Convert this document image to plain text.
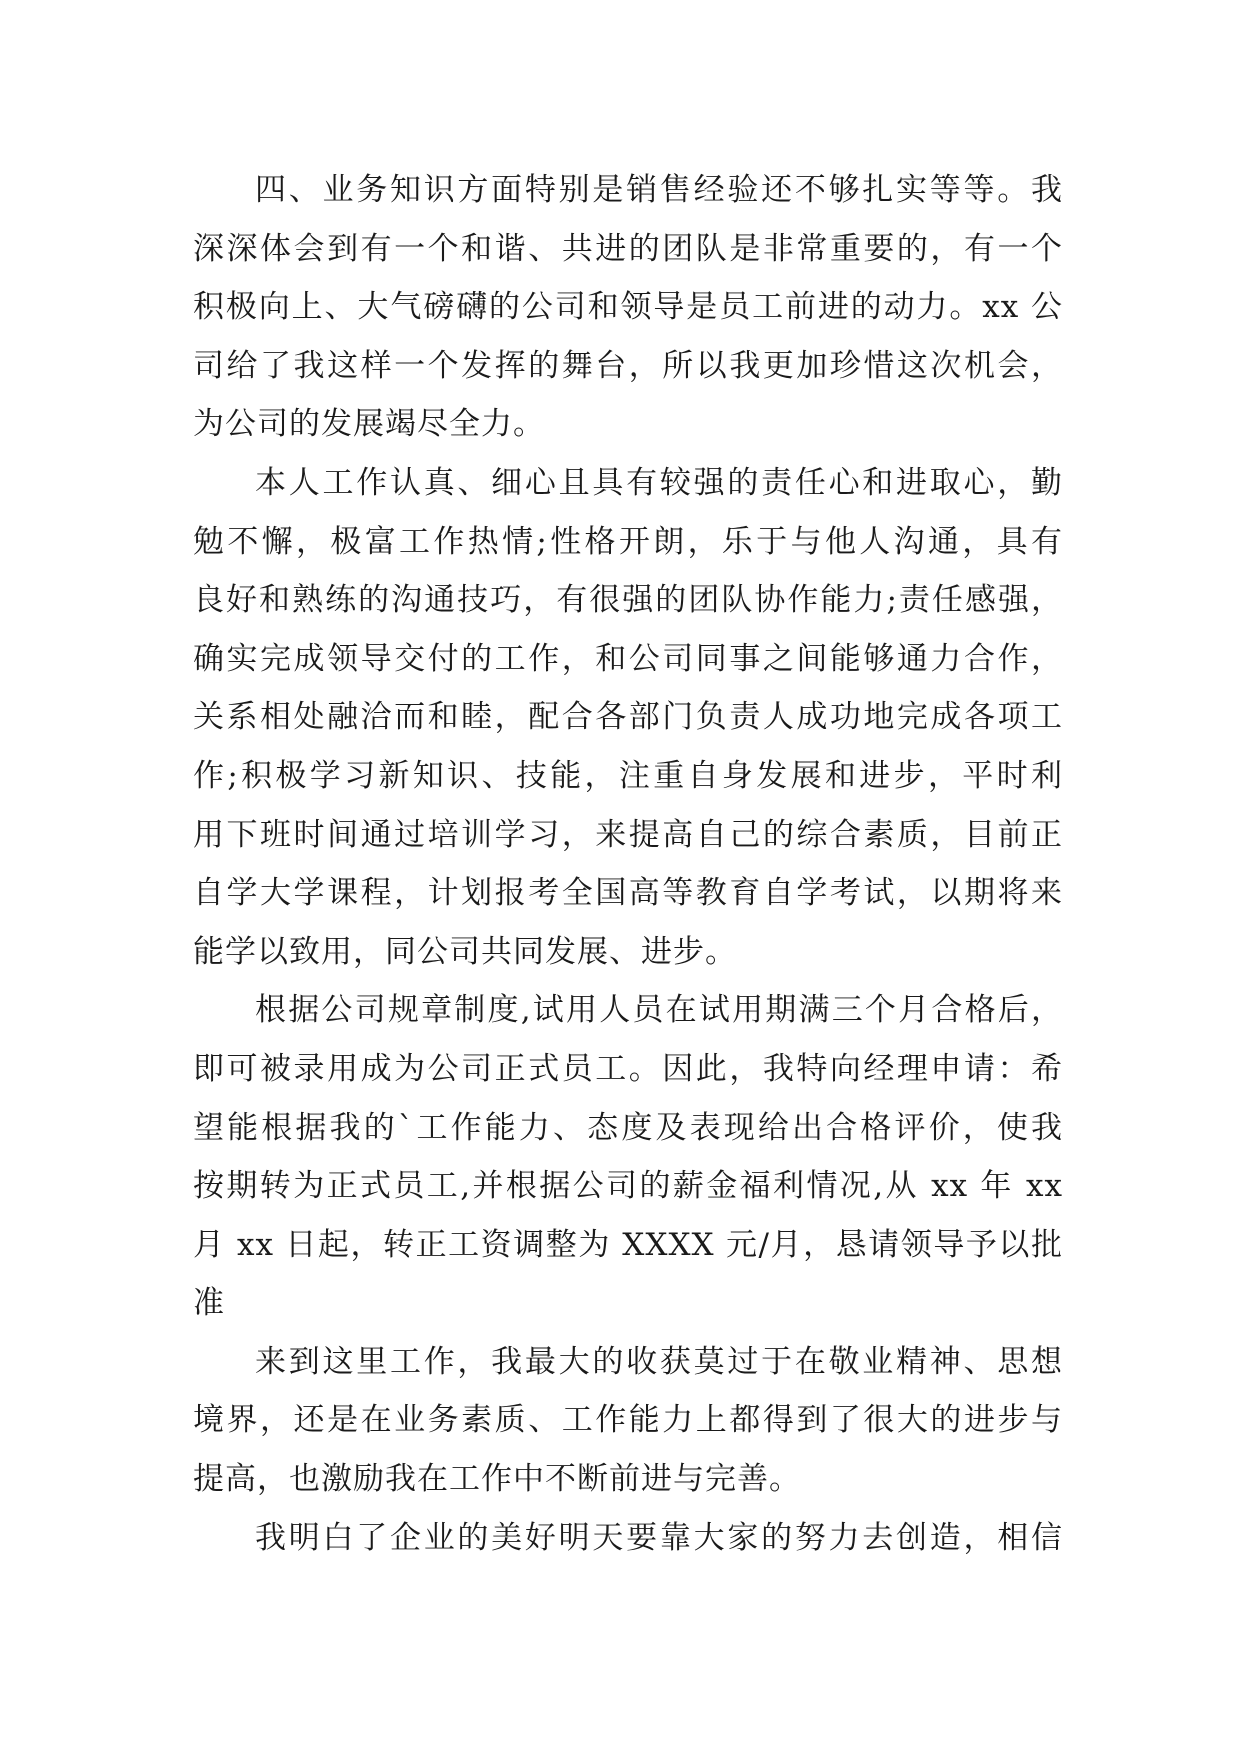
四、业务知识方面特别是销售经验还不够扎实等等。我
深深体会到有一个和谐、共进的团队是非常重要的，有一个
积极向上、大气磅礴的公司和领导是员工前进的动力。xx 公
司给了我这样一个发挥的舞台，所以我更加珍惜这次机会，
为公司的发展竭尽全力。
本人工作认真、细心且具有较强的责任心和进取心，勤
勉不懈，极富工作热情;性格开朗，乐于与他人沟通，具有
良好和熟练的沟通技巧，有很强的团队协作能力;责任感强，
确实完成领导交付的工作，和公司同事之间能够通力合作，
关系相处融洽而和睦，配合各部门负责人成功地完成各项工
作;积极学习新知识、技能，注重自身发展和进步，平时利
用下班时间通过培训学习，来提高自己的综合素质，目前正
自学大学课程，计划报考全国高等教育自学考试，以期将来
能学以致用，同公司共同发展、进步。
根据公司规章制度,试用人员在试用期满三个月合格后，
即可被录用成为公司正式员工。因此，我特向经理申请：希
望能根据我的`工作能力、态度及表现给出合格评价，使我
按期转为正式员工,并根据公司的薪金福利情况,从 xx 年 xx
月 xx 日起，转正工资调整为 XXXX 元/月，恳请领导予以批
准
来到这里工作，我最大的收获莫过于在敬业精神、思想
境界，还是在业务素质、工作能力上都得到了很大的进步与
提高，也激励我在工作中不断前进与完善。
我明白了企业的美好明天要靠大家的努力去创造，相信
